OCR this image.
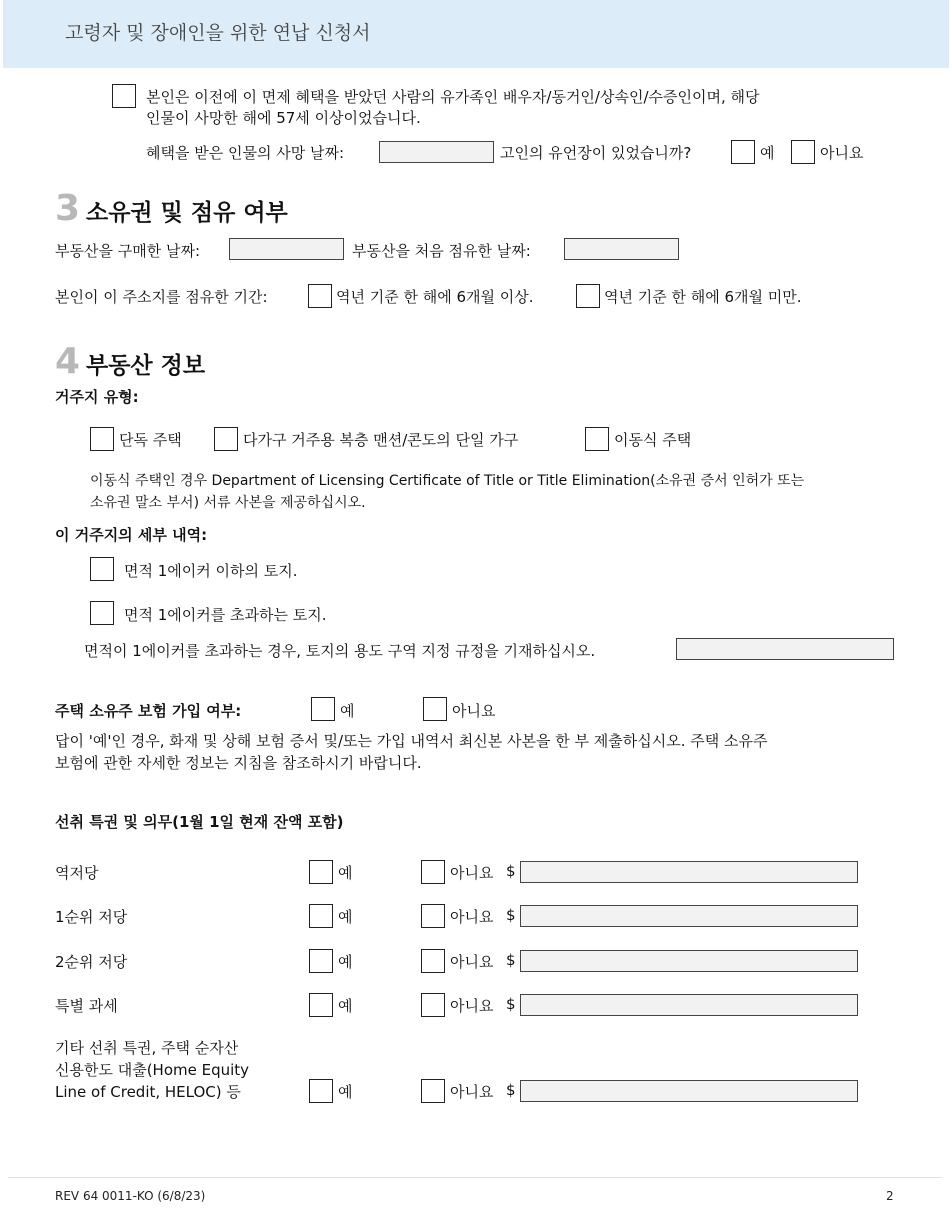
고령자 및 장애인을 위한 연납 신청서
본인은 이전에 이 면제 혜택을 받았던 사람의 유가족인 배우자/동거인/상속인/수증인이며, 해당
인물이 사망한 해에 57세 이상이었습니다.
혜택을 받은 인물의 사망 날짜:	고인의 유언장이 있었습니까?	예	아니요
3 소유권 및 점유 여부
부동산을 구매한 날짜:	부동산을 처음 점유한 날짜:
본인이 이 주소지를 점유한 기간:	역년 기준 한 해에 6개월 이상.	역년 기준 한 해에 6개월 미만.
4 부동산 정보
거주지 유형:
단독 주택	다가구 거주용 복층 맨션/콘도의 단일 가구	이동식 주택
이동식 주택인 경우 Department of Licensing Certificate of Title or Title Elimination(소유권 증서 인허가 또는
소유권 말소 부서) 서류 사본을 제공하십시오.
이 거주지의 세부 내역:
면적 1에이커 이하의 토지.
면적 1에이커를 초과하는 토지.
면적이 1에이커를 초과하는 경우, 토지의 용도 구역 지정 규정을 기재하십시오.
주택 소유주 보험 가입 여부:	예	아니요
답이 '예'인 경우, 화재 및 상해 보험 증서 및/또는 가입 내역서 최신본 사본을 한 부 제출하십시오. 주택 소유주
보험에 관한 자세한 정보는 지침을 참조하시기 바랍니다.
선취 특권 및 의무(1월 1일 현재 잔액 포함)
역저당	예	아니요 $
1순위 저당	예	아니요 $
2순위 저당	예	아니요 $
특별 과세	예	아니요 $
기타 선취 특권, 주택 순자산
신용한도 대출(Home Equity
Line of Credit, HELOC) 등	예	아니요 $
REV 64 0011-KO (6/8/23)	2
